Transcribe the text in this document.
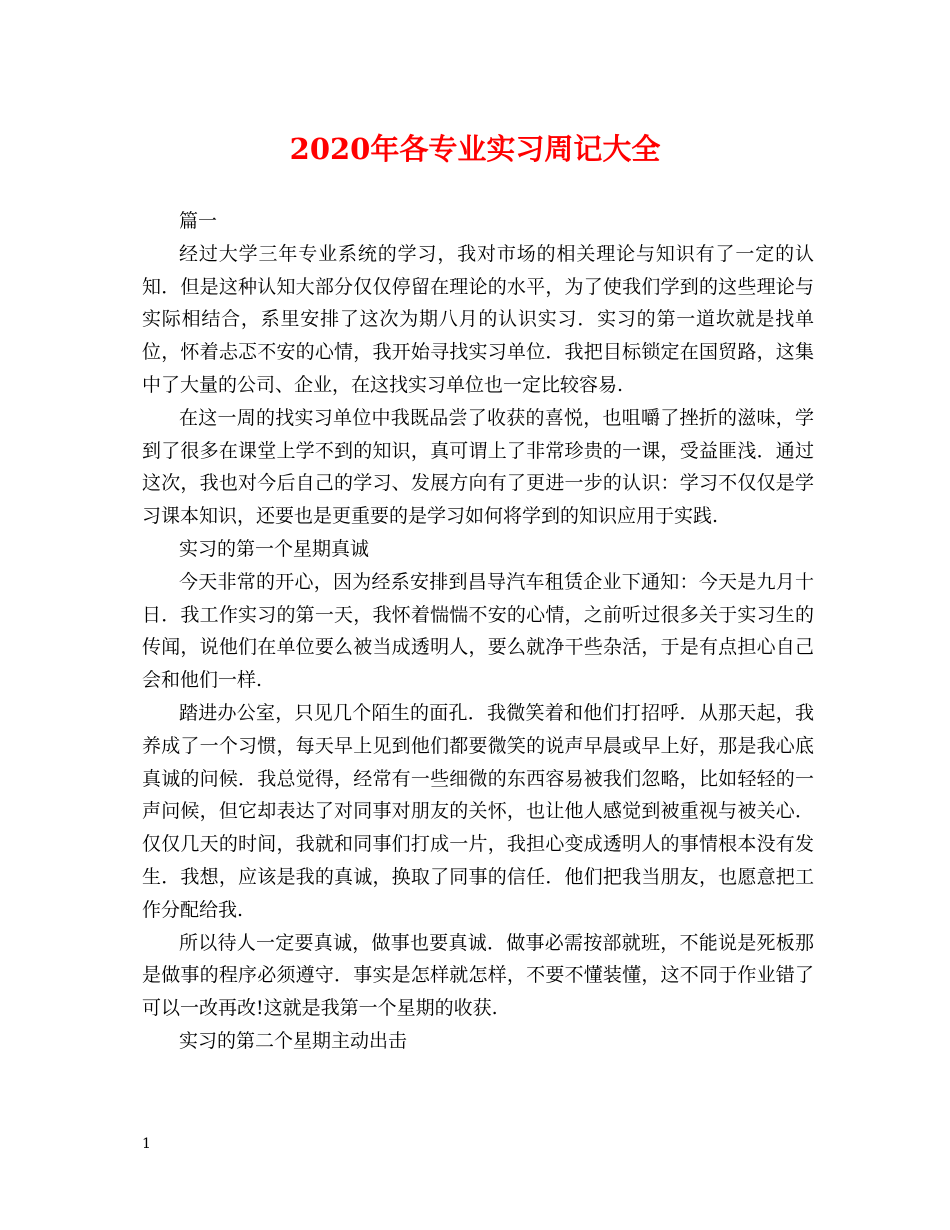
2020年各专业实习周记大全

篇一

经过大学三年专业系统的学习，我对市场的相关理论与知识有了一定的认知．但是这种认知大部分仅仅停留在理论的水平，为了使我们学到的这些理论与实际相结合，系里安排了这次为期八月的认识实习．实习的第一道坎就是找单位，怀着忐忑不安的心情，我开始寻找实习单位．我把目标锁定在国贸路，这集中了大量的公司、企业，在这找实习单位也一定比较容易.

在这一周的找实习单位中我既品尝了收获的喜悦，也咀嚼了挫折的滋味，学到了很多在课堂上学不到的知识，真可谓上了非常珍贵的一课，受益匪浅．通过这次，我也对今后自己的学习、发展方向有了更进一步的认识：学习不仅仅是学习课本知识，还要也是更重要的是学习如何将学到的知识应用于实践.

实习的第一个星期真诚

今天非常的开心，因为经系安排到昌导汽车租赁企业下通知：今天是九月十日．我工作实习的第一天，我怀着惴惴不安的心情，之前听过很多关于实习生的传闻，说他们在单位要么被当成透明人，要么就净干些杂活，于是有点担心自己会和他们一样.

踏进办公室，只见几个陌生的面孔．我微笑着和他们打招呼．从那天起，我养成了一个习惯，每天早上见到他们都要微笑的说声早晨或早上好，那是我心底真诚的问候．我总觉得，经常有一些细微的东西容易被我们忽略，比如轻轻的一声问候，但它却表达了对同事对朋友的关怀，也让他人感觉到被重视与被关心．仅仅几天的时间，我就和同事们打成一片，我担心变成透明人的事情根本没有发生．我想，应该是我的真诚，换取了同事的信任．他们把我当朋友，也愿意把工作分配给我.

所以待人一定要真诚，做事也要真诚．做事必需按部就班，不能说是死板那是做事的程序必须遵守．事实是怎样就怎样，不要不懂装懂，这不同于作业错了可以一改再改!这就是我第一个星期的收获.

实习的第二个星期主动出击

1
